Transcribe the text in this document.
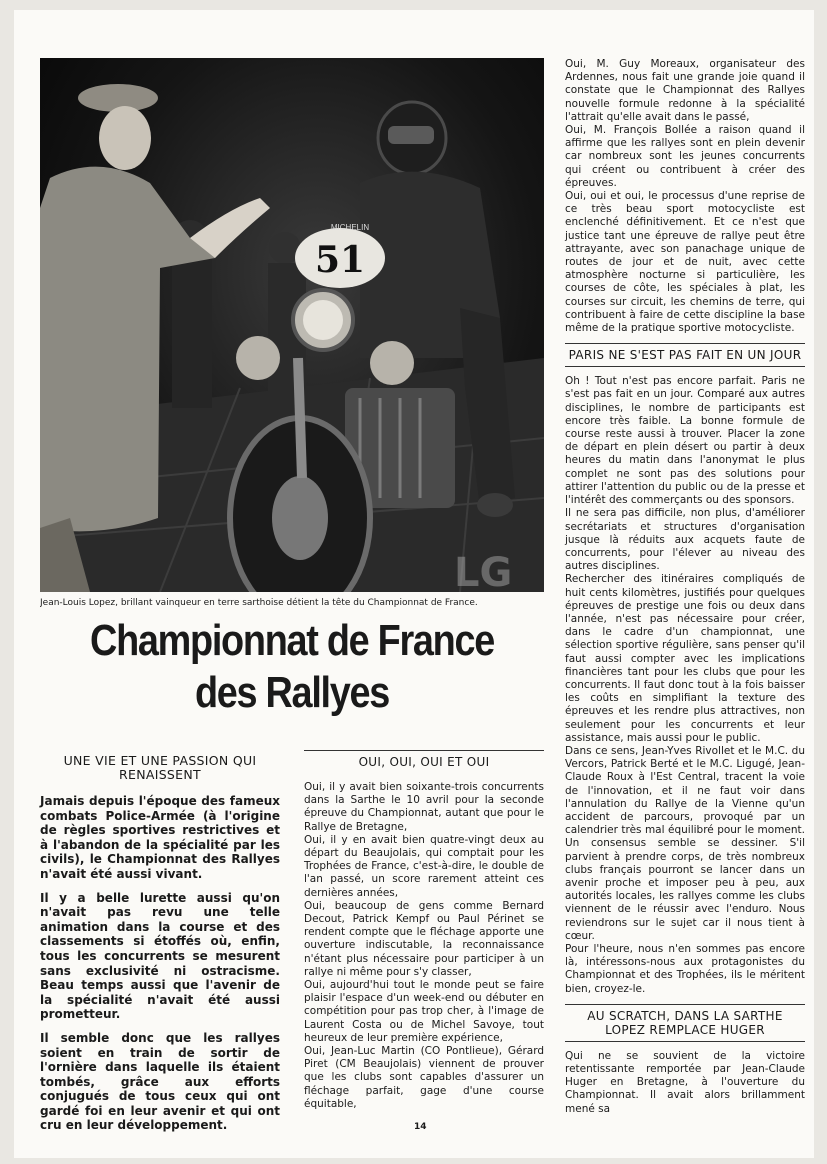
51
MICHELIN
LG
Jean-Louis Lopez, brillant vainqueur en terre sarthoise détient la tête du Championnat de France.
Championnat de France
des Rallyes
UNE VIE ET UNE PASSION QUI RENAISSENT

Jamais depuis l'époque des fameux combats Police-Armée (à l'origine de règles sportives restrictives et à l'abandon de la spécialité par les civils), le Championnat des Rallyes n'avait été aussi vivant.

Il y a belle lurette aussi qu'on n'avait pas revu une telle animation dans la course et des classements si étoffés où, enfin, tous les concurrents se mesurent sans exclusivité ni ostracisme. Beau temps aussi que l'avenir de la spécialité n'avait été aussi prometteur.

Il semble donc que les rallyes soient en train de sortir de l'ornière dans laquelle ils étaient tombés, grâce aux efforts conjugués de tous ceux qui ont gardé foi en leur avenir et qui ont cru en leur développement.

OUI, OUI, OUI ET OUI

Oui, il y avait bien soixante-trois concurrents dans la Sarthe le 10 avril pour la seconde épreuve du Championnat, autant que pour le Rallye de Bretagne,

Oui, il y en avait bien quatre-vingt deux au départ du Beaujolais, qui comptait pour les Trophées de France, c'est-à-dire, le double de l'an passé, un score rarement atteint ces dernières années,

Oui, beaucoup de gens comme Bernard Decout, Patrick Kempf ou Paul Périnet se rendent compte que le fléchage apporte une ouverture indiscutable, la reconnaissance n'étant plus nécessaire pour participer à un rallye ni même pour s'y classer,

Oui, aujourd'hui tout le monde peut se faire plaisir l'espace d'un week-end ou débuter en compétition pour pas trop cher, à l'image de Laurent Costa ou de Michel Savoye, tout heureux de leur première expérience,

Oui, Jean-Luc Martin (CO Pontlieue), Gérard Piret (CM Beaujolais) viennent de prouver que les clubs sont capables d'assurer un fléchage parfait, gage d'une course équitable,

Oui, M. Guy Moreaux, organisateur des Ardennes, nous fait une grande joie quand il constate que le Championnat des Rallyes nouvelle formule redonne à la spécialité l'attrait qu'elle avait dans le passé,

Oui, M. François Bollée a raison quand il affirme que les rallyes sont en plein devenir car nombreux sont les jeunes concurrents qui créent ou contribuent à créer des épreuves.

Oui, oui et oui, le processus d'une reprise de ce très beau sport motocycliste est enclenché définitivement. Et ce n'est que justice tant une épreuve de rallye peut être attrayante, avec son panachage unique de routes de jour et de nuit, avec cette atmosphère nocturne si particulière, les courses de côte, les spéciales à plat, les courses sur circuit, les chemins de terre, qui contribuent à faire de cette discipline la base même de la pratique sportive motocycliste.

PARIS NE S'EST PAS FAIT EN UN JOUR

Oh ! Tout n'est pas encore parfait. Paris ne s'est pas fait en un jour. Comparé aux autres disciplines, le nombre de participants est encore très faible. La bonne formule de course reste aussi à trouver. Placer la zone de départ en plein désert ou partir à deux heures du matin dans l'anonymat le plus complet ne sont pas des solutions pour attirer l'attention du public ou de la presse et l'intérêt des commerçants ou des sponsors.

Il ne sera pas difficile, non plus, d'améliorer secrétariats et structures d'organisation jusque là réduits aux acquets faute de concurrents, pour l'élever au niveau des autres disciplines.

Rechercher des itinéraires compliqués de huit cents kilomètres, justifiés pour quelques épreuves de prestige une fois ou deux dans l'année, n'est pas nécessaire pour créer, dans le cadre d'un championnat, une sélection sportive régulière, sans penser qu'il faut aussi compter avec les implications financières tant pour les clubs que pour les concurrents. Il faut donc tout à la fois baisser les coûts en simplifiant la texture des épreuves et les rendre plus attractives, non seulement pour les concurrents et leur assistance, mais aussi pour le public.

Dans ce sens, Jean-Yves Rivollet et le M.C. du Vercors, Patrick Berté et le M.C. Ligugé, Jean-Claude Roux à l'Est Central, tracent la voie de l'innovation, et il ne faut voir dans l'annulation du Rallye de la Vienne qu'un accident de parcours, provoqué par un calendrier très mal équilibré pour le moment. Un consensus semble se dessiner. S'il parvient à prendre corps, de très nombreux clubs français pourront se lancer dans un avenir proche et imposer peu à peu, aux autorités locales, les rallyes comme les clubs viennent de le réussir avec l'enduro. Nous reviendrons sur le sujet car il nous tient à cœur.

Pour l'heure, nous n'en sommes pas encore là, intéressons-nous aux protagonistes du Championnat et des Trophées, ils le méritent bien, croyez-le.

AU SCRATCH, DANS LA SARTHE
LOPEZ REMPLACE HUGER

Qui ne se souvient de la victoire retentissante remportée par Jean-Claude Huger en Bretagne, à l'ouverture du Championnat. Il avait alors brillamment mené sa

14
